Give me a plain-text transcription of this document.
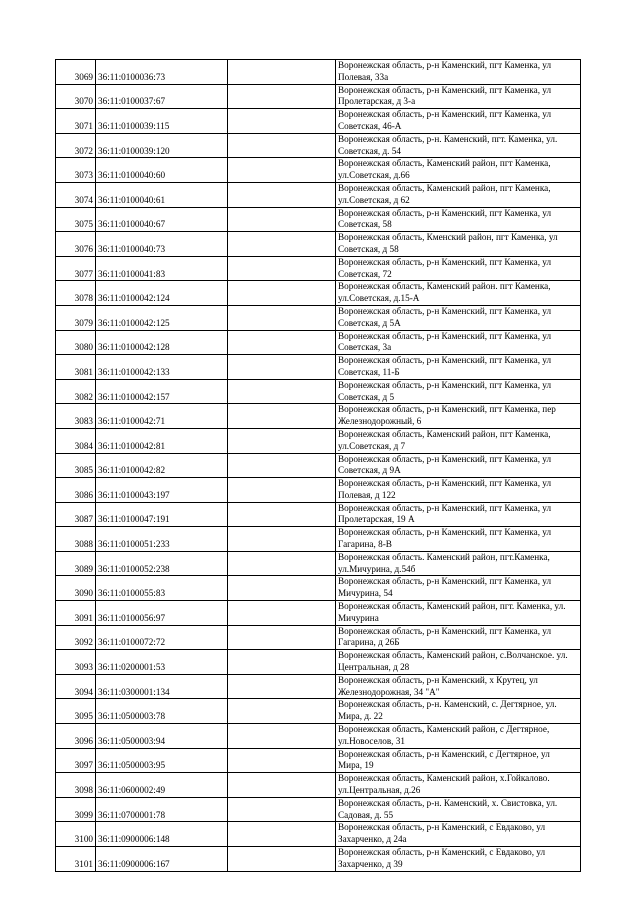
3069	36:11:0100036:73		Воронежская область, р-н Каменский, пгт Каменка, ул
Полевая, 33а

3070	36:11:0100037:67		Воронежская область, р-н Каменский, пгт Каменка, ул
Пролетарская, д 3-а

3071	36:11:0100039:115		Воронежская область, р-н Каменский, пгт Каменка, ул
Советская, 46-А

3072	36:11:0100039:120		Воронежская область, р-н. Каменский, пгт. Каменка, ул.
Советская, д. 54

3073	36:11:0100040:60		Воронежская область, Каменский район, пгт Каменка,
ул.Советская, д.66

3074	36:11:0100040:61		Воронежская область, Каменский район, пгт Каменка,
ул.Советская, д 62

3075	36:11:0100040:67		Воронежская область, р-н Каменский, пгт Каменка, ул
Советская, 58

3076	36:11:0100040:73		Воронежская область, Кменский район, пгт Каменка, ул
Советская, д 58

3077	36:11:0100041:83		Воронежская область, р-н Каменский, пгт Каменка, ул
Советская, 72

3078	36:11:0100042:124		Воронежская область, Каменский район. пгт Каменка,
ул.Советская, д.15-А

3079	36:11:0100042:125		Воронежская область, р-н Каменский, пгт Каменка, ул
Советская, д 5А

3080	36:11:0100042:128		Воронежская область, р-н Каменский, пгт Каменка, ул
Советская, 3а

3081	36:11:0100042:133		Воронежская область, р-н Каменский, пгт Каменка, ул
Советская, 11-Б

3082	36:11:0100042:157		Воронежская область, р-н Каменский, пгт Каменка, ул
Советская, д 5

3083	36:11:0100042:71		Воронежская область, р-н Каменский, пгт Каменка, пер
Железнодорожный, 6

3084	36:11:0100042:81		Воронежская область, Каменский район, пгт Каменка,
ул.Советская, д 7

3085	36:11:0100042:82		Воронежская область, р-н Каменский, пгт Каменка, ул
Советская, д 9А

3086	36:11:0100043:197		Воронежская область, р-н Каменский, пгт Каменка, ул
Полевая, д 122

3087	36:11:0100047:191		Воронежская область, р-н Каменский, пгт Каменка, ул
Пролетарская, 19 А

3088	36:11:0100051:233		Воронежская область, р-н Каменский, пгт Каменка, ул
Гагарина, 8-В

3089	36:11:0100052:238		Воронежская область. Каменский район, пгт.Каменка,
ул.Мичурина, д.54б

3090	36:11:0100055:83		Воронежская область, р-н Каменский, пгт Каменка, ул
Мичурина, 54

3091	36:11:0100056:97		Воронежская область, Каменский район, пгт. Каменка, ул.
Мичурина

3092	36:11:0100072:72		Воронежская область, р-н Каменский, пгт Каменка, ул
Гагарина, д 26Б

3093	36:11:0200001:53		Воронежская область, Каменский район, с.Волчанское. ул.
Центральная, д 28

3094	36:11:0300001:134		Воронежская область, р-н Каменский, х Крутец, ул
Железнодорожная, 34 "А"

3095	36:11:0500003:78		Воронежская область, р-н. Каменский, с. Дегтярное, ул.
Мира, д. 22

3096	36:11:0500003:94		Воронежская область, Каменский район, с Дегтярное,
ул.Новоселов, 31

3097	36:11:0500003:95		Воронежская область, р-н Каменский, с Дегтярное, ул
Мира, 19

3098	36:11:0600002:49		Воронежская область, Каменский район, х.Гойкалово.
ул.Центральная, д.26

3099	36:11:0700001:78		Воронежская область, р-н. Каменский, х. Свистовка, ул.
Садовая, д. 55

3100	36:11:0900006:148		Воронежская область, р-н Каменский, с Евдаково, ул
Захарченко, д 24а

3101	36:11:0900006:167		Воронежская область, р-н Каменский, с Евдаково, ул
Захарченко, д 39
